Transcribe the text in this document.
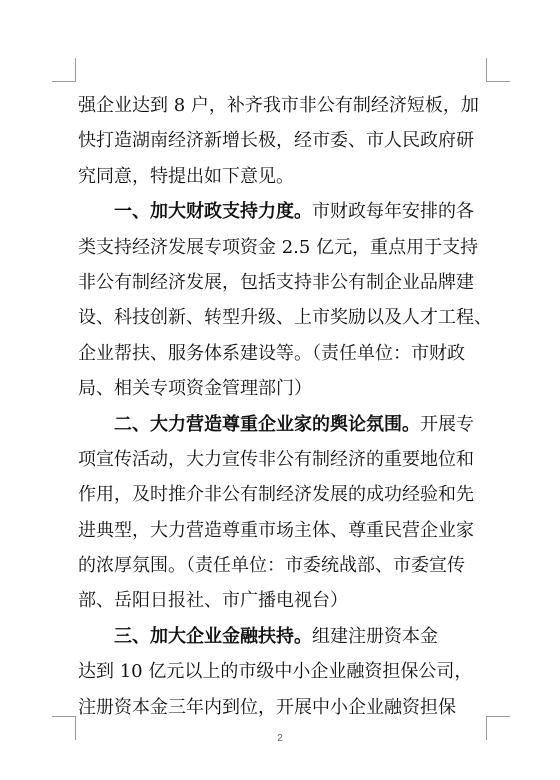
强企业达到 8 户，补齐我市非公有制经济短板，加
快打造湖南经济新增长极，经市委、市人民政府研
究同意，特提出如下意见。
一、加大财政支持力度。市财政每年安排的各
类支持经济发展专项资金 2.5 亿元，重点用于支持
非公有制经济发展，包括支持非公有制企业品牌建
设、科技创新、转型升级、上市奖励以及人才工程、
企业帮扶、服务体系建设等。（责任单位：市财政
局、相关专项资金管理部门）
二、大力营造尊重企业家的舆论氛围。开展专
项宣传活动，大力宣传非公有制经济的重要地位和
作用，及时推介非公有制经济发展的成功经验和先
进典型，大力营造尊重市场主体、尊重民营企业家
的浓厚氛围。（责任单位：市委统战部、市委宣传
部、岳阳日报社、市广播电视台）
三、加大企业金融扶持。组建注册资本金
达到 10 亿元以上的市级中小企业融资担保公司，
注册资本金三年内到位，开展中小企业融资担保
2
